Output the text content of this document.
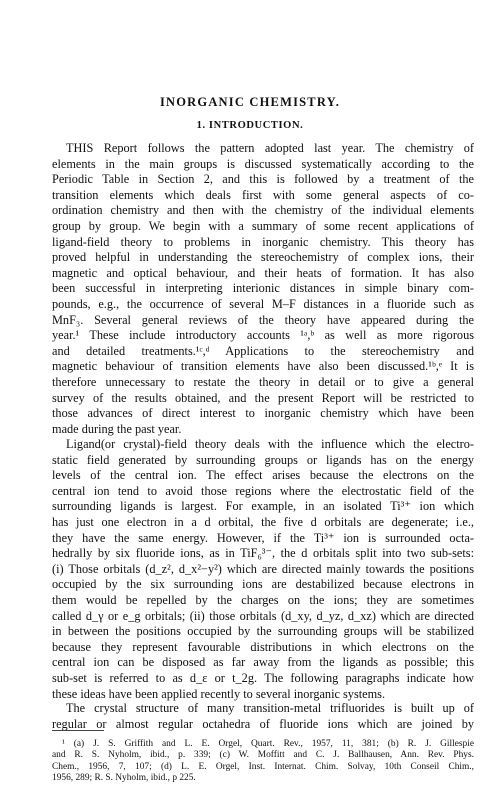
INORGANIC CHEMISTRY.
1. INTRODUCTION.
THIS Report follows the pattern adopted last year. The chemistry of
elements in the main groups is discussed systematically according to the
Periodic Table in Section 2, and this is followed by a treatment of the
transition elements which deals first with some general aspects of co-
ordination chemistry and then with the chemistry of the individual elements
group by group. We begin with a summary of some recent applications of
ligand-field theory to problems in inorganic chemistry. This theory has
proved helpful in understanding the stereochemistry of complex ions, their
magnetic and optical behaviour, and their heats of formation. It has also
been successful in interpreting interionic distances in simple binary com-
pounds, e.g., the occurrence of several M–F distances in a fluoride such as
MnF₃. Several general reviews of the theory have appeared during the
year.¹ These include introductory accounts ¹ᵃ,ᵇ as well as more rigorous
and detailed treatments.¹ᶜ,ᵈ Applications to the stereochemistry and
magnetic behaviour of transition elements have also been discussed.¹ᵇ,ᵉ It is
therefore unnecessary to restate the theory in detail or to give a general
survey of the results obtained, and the present Report will be restricted to
those advances of direct interest to inorganic chemistry which have been
made during the past year.
Ligand(or crystal)-field theory deals with the influence which the electro-
static field generated by surrounding groups or ligands has on the energy
levels of the central ion. The effect arises because the electrons on the
central ion tend to avoid those regions where the electrostatic field of the
surrounding ligands is largest. For example, in an isolated Ti³⁺ ion which
has just one electron in a d orbital, the five d orbitals are degenerate; i.e.,
they have the same energy. However, if the Ti³⁺ ion is surrounded octa-
hedrally by six fluoride ions, as in TiF₆³⁻, the d orbitals split into two sub-sets:
(i) Those orbitals (d_z², d_x²−y²) which are directed mainly towards the positions
occupied by the six surrounding ions are destabilized because electrons in
them would be repelled by the charges on the ions; they are sometimes
called d_γ or e_g orbitals; (ii) those orbitals (d_xy, d_yz, d_xz) which are directed
in between the positions occupied by the surrounding groups will be stabilized
because they represent favourable distributions in which electrons on the
central ion can be disposed as far away from the ligands as possible; this
sub-set is referred to as d_ε or t_2g. The following paragraphs indicate how
these ideas have been applied recently to several inorganic systems.
The crystal structure of many transition-metal trifluorides is built up of
regular or almost regular octahedra of fluoride ions which are joined by
¹ (a) J. S. Griffith and L. E. Orgel, Quart. Rev., 1957, 11, 381; (b) R. J. Gillespie
and R. S. Nyholm, ibid., p. 339; (c) W. Moffitt and C. J. Ballhausen, Ann. Rev. Phys.
Chem., 1956, 7, 107; (d) L. E. Orgel, Inst. Internat. Chim. Solvay, 10th Conseil Chim.,
1956, 289; R. S. Nyholm, ibid., p 225.
